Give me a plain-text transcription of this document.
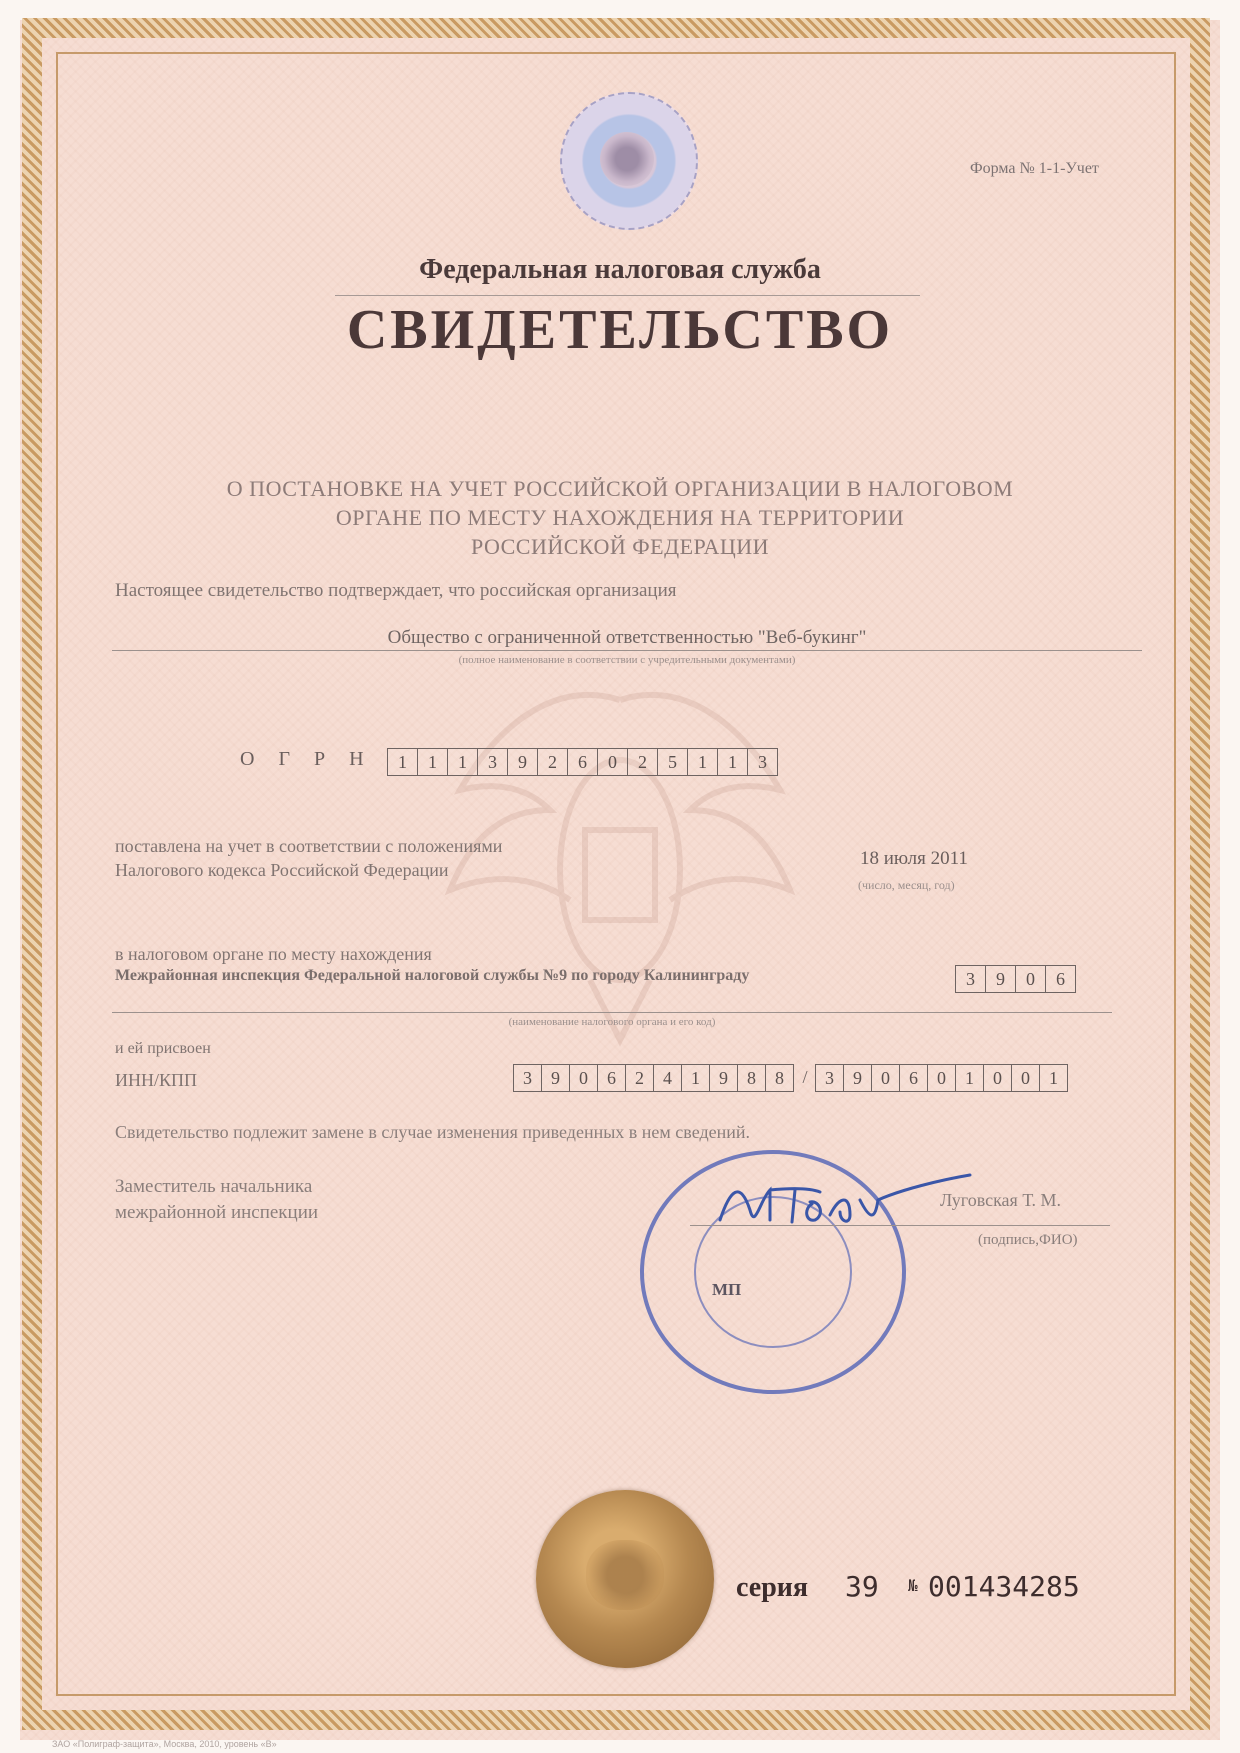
Форма № 1-1-Учет
Федеральная налоговая служба
СВИДЕТЕЛЬСТВО
О ПОСТАНОВКЕ НА УЧЕТ РОССИЙСКОЙ ОРГАНИЗАЦИИ В НАЛОГОВОМ
ОРГАНЕ ПО МЕСТУ НАХОЖДЕНИЯ НА ТЕРРИТОРИИ
РОССИЙСКОЙ ФЕДЕРАЦИИ
Настоящее свидетельство подтверждает, что российская организация
Общество с ограниченной ответственностью "Веб-букинг"
(полное наименование в соответствии с учредительными документами)
ОГРН 1	1	1	3	9	2	6	0	2	5	1	1	3
поставлена на учет в соответствии с положениями
Налогового кодекса Российской Федерации
18 июля 2011
(число, месяц, год)
в налоговом органе по месту нахождения
Межрайонная инспекция Федеральной налоговой службы №9 по городу Калининграду	3	9	0	6
(наименование налогового органа и его код)
и ей присвоен
ИНН/КПП	3	9	0	6	2	4	1	9	8	8	/ 3	9	0	6	0	1	0	0	1
Свидетельство подлежит замене в случае изменения приведенных в нем сведений.
Заместитель начальника
межрайонной инспекции
Луговская Т. М.
(подпись,ФИО)
МП
серия 39 № 001434285
ЗАО «Полиграф-защита», Москва, 2010, уровень «В»
